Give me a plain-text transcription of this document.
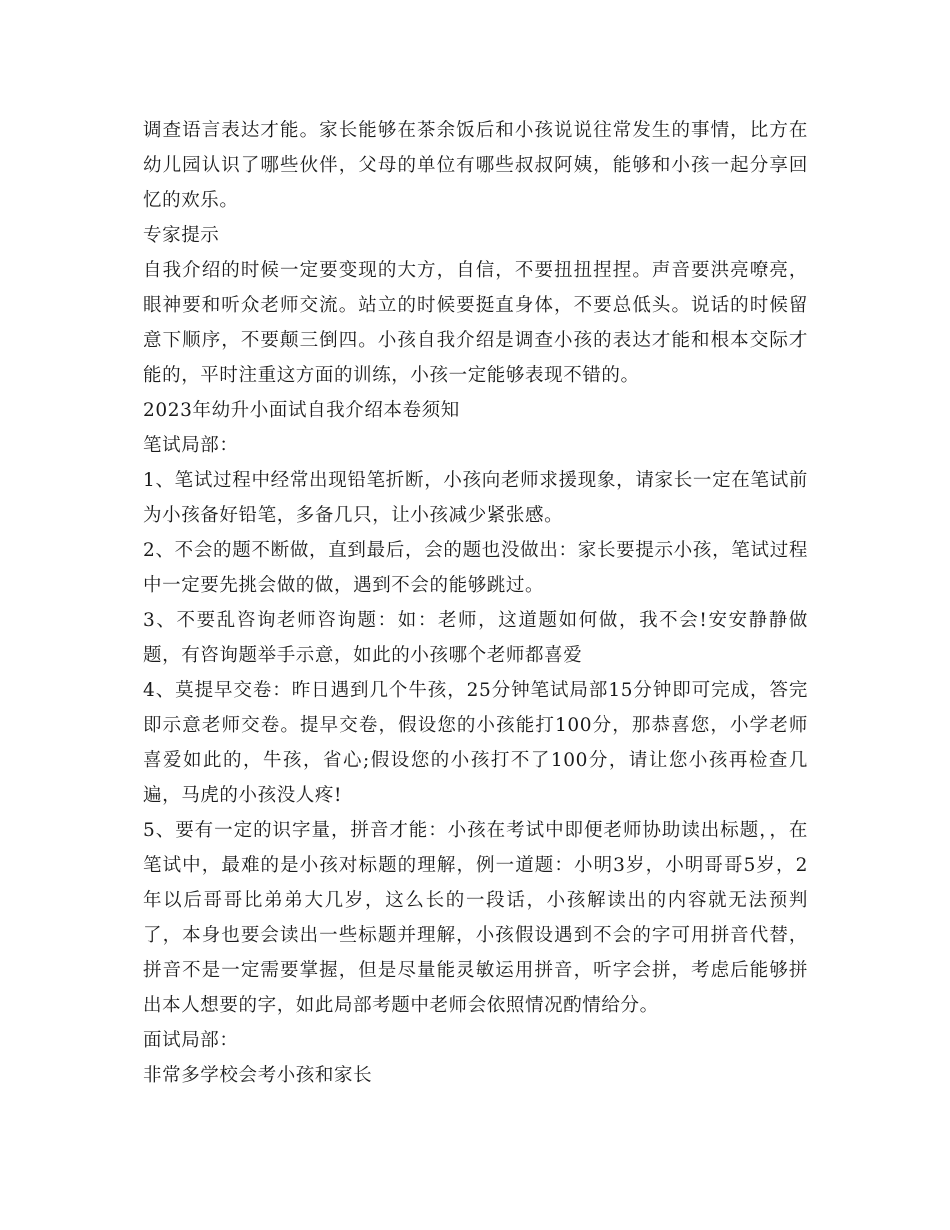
调查语言表达才能。家长能够在茶余饭后和小孩说说往常发生的事情，比方在幼儿园认识了哪些伙伴，父母的单位有哪些叔叔阿姨，能够和小孩一起分享回忆的欢乐。

专家提示

自我介绍的时候一定要变现的大方，自信，不要扭扭捏捏。声音要洪亮嘹亮，眼神要和听众老师交流。站立的时候要挺直身体，不要总低头。说话的时候留意下顺序，不要颠三倒四。小孩自我介绍是调查小孩的表达才能和根本交际才能的，平时注重这方面的训练，小孩一定能够表现不错的。

2023年幼升小面试自我介绍本卷须知

笔试局部：

1、笔试过程中经常出现铅笔折断，小孩向老师求援现象，请家长一定在笔试前为小孩备好铅笔，多备几只，让小孩减少紧张感。

2、不会的题不断做，直到最后，会的题也没做出：家长要提示小孩，笔试过程中一定要先挑会做的做，遇到不会的能够跳过。

3、不要乱咨询老师咨询题：如：老师，这道题如何做，我不会!安安静静做题，有咨询题举手示意，如此的小孩哪个老师都喜爱

4、莫提早交卷：昨日遇到几个牛孩，25分钟笔试局部15分钟即可完成，答完即示意老师交卷。提早交卷，假设您的小孩能打100分，那恭喜您，小学老师喜爱如此的，牛孩，省心;假设您的小孩打不了100分，请让您小孩再检查几遍，马虎的小孩没人疼!

5、要有一定的识字量，拼音才能：小孩在考试中即便老师协助读出标题，，在笔试中，最难的是小孩对标题的理解，例一道题：小明3岁，小明哥哥5岁，2年以后哥哥比弟弟大几岁，这么长的一段话，小孩解读出的内容就无法预判了，本身也要会读出一些标题并理解，小孩假设遇到不会的字可用拼音代替，拼音不是一定需要掌握，但是尽量能灵敏运用拼音，听字会拼，考虑后能够拼出本人想要的字，如此局部考题中老师会依照情况酌情给分。

面试局部：

非常多学校会考小孩和家长
